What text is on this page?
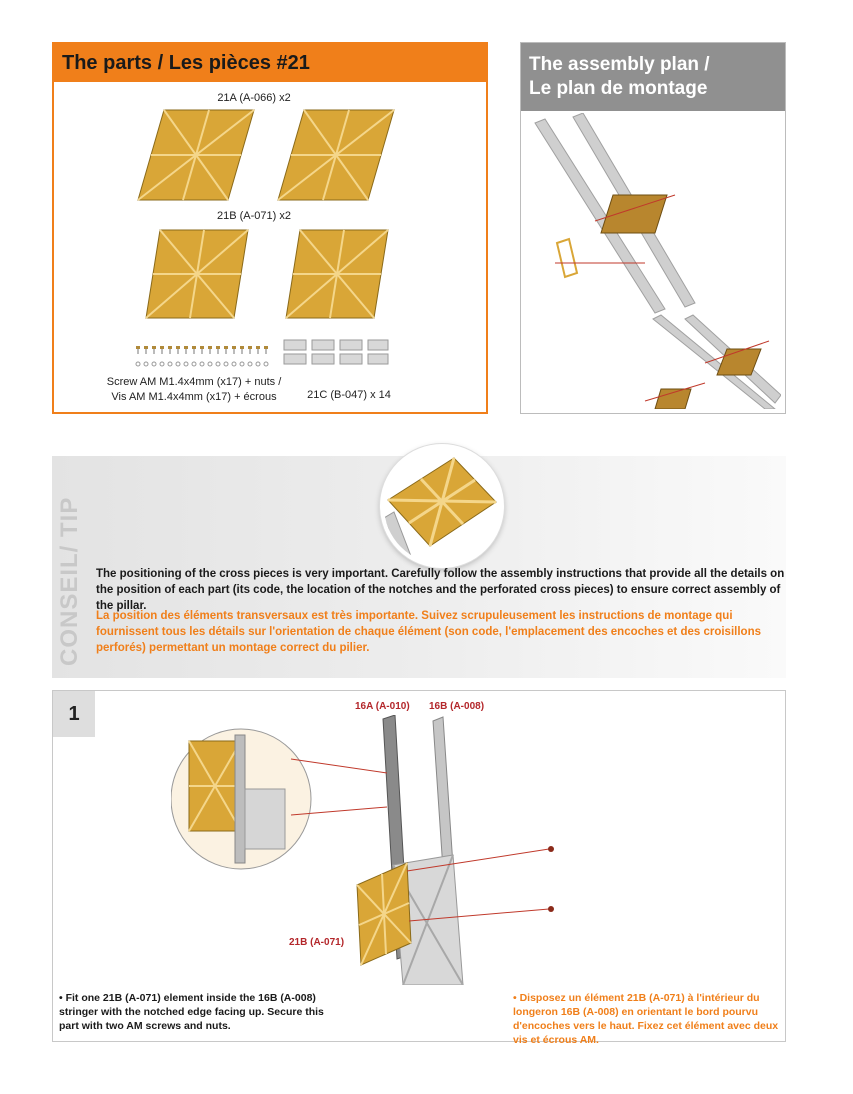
The parts / Les pièces #21
21A (A-066) x2
21B (A-071) x2
Screw AM M1.4x4mm (x17) + nuts /
Vis AM M1.4x4mm (x17) + écrous	21C (B-047) x 14
The assembly plan /
Le plan de montage
CONSEIL/ TIP The positioning of the cross pieces is very important. Carefully follow the assembly instructions that provide all the details on the position of each part (its code, the location of the notches and the perforated cross pieces) to ensure correct assembly of the pillar.
La position des éléments transversaux est très importante. Suivez scrupuleusement les instructions de montage qui fournissent tous les détails sur l'orientation de chaque élément (son code, l'emplacement des encoches et des croisillons perforés) permettant un montage correct du pilier.
1	16A (A-010) 16B (A-008)
21B (A-071)
• Fit one 21B (A-071) element inside the 16B (A-008) stringer with the notched edge facing up. Secure this part with two AM screws and nuts.
• Disposez un élément 21B (A-071) à l'intérieur du longeron 16B (A-008) en orientant le bord pourvu d'encoches vers le haut. Fixez cet élément avec deux vis et écrous AM.
